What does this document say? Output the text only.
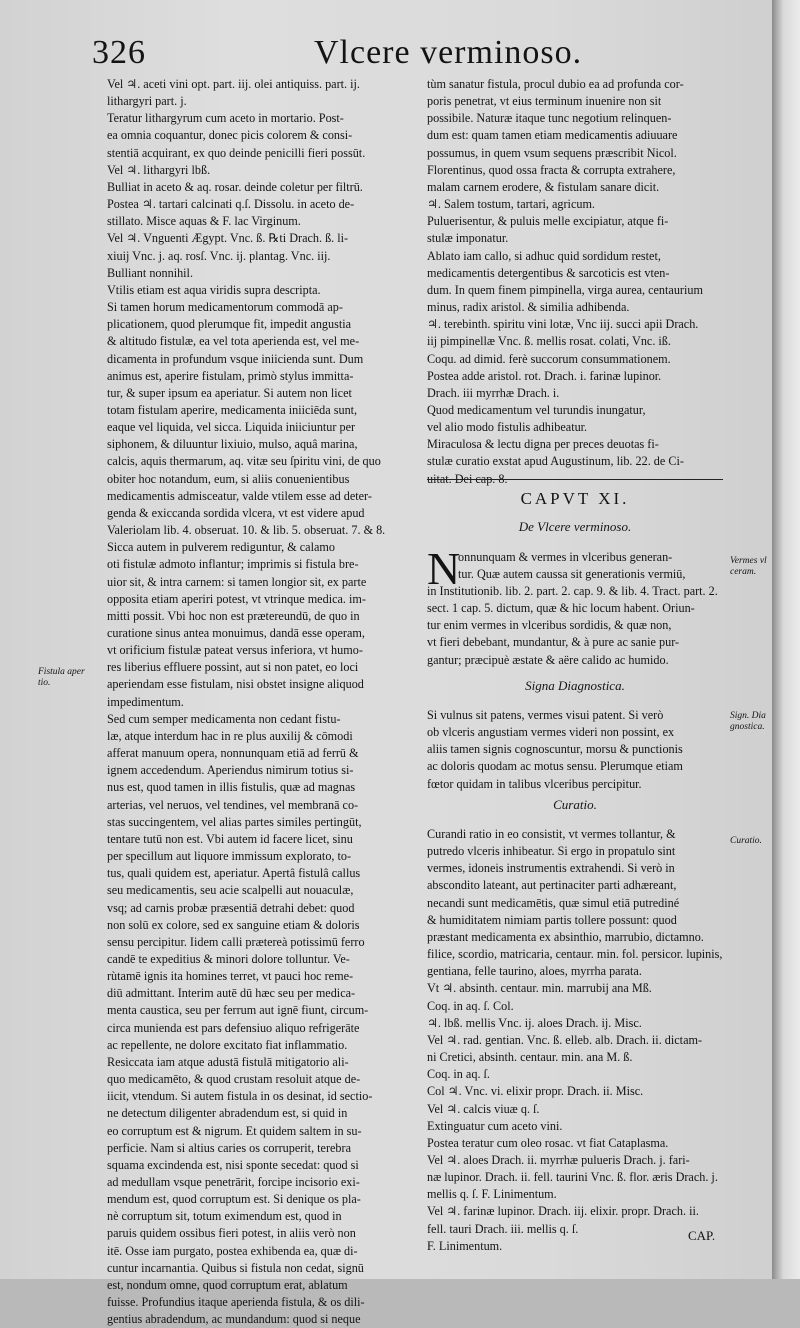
326	Vlcere verminoso.
Vel ♃. aceti vini opt. part. iij. olei antiquiss. part. ij.
lithargyri part. j.
Teratur lithargyrum cum aceto in mortario. Post-
ea omnia coquantur, donec picis colorem & consi-
stentiā acquirant, ex quo deinde penicilli fieri possūt.
Vel ♃. lithargyri lbß.
Bulliat in aceto & aq. rosar. deinde coletur per filtrū.
Postea ♃. tartari calcinati q.ſ. Dissolu. in aceto de-
stillato. Misce aquas & F. lac Virginum.
Vel ♃. Vnguenti Ægypt. Vnc. ß. ℞ti Drach. ß. li-
xiuij Vnc. j. aq. rosſ. Vnc. ij. plantag. Vnc. iij.
Bulliant nonnihil.
Vtilis etiam est aqua viridis supra descripta.
Si tamen horum medicamentorum commodā ap-
plicationem, quod plerumque fit, impedit angustia
& altitudo fistulæ, ea vel tota aperienda est, vel me-
dicamenta in profundum vsque iniicienda sunt. Dum
animus est, aperire fistulam, primò stylus immitta-
tur, & super ipsum ea aperiatur. Si autem non licet
totam fistulam aperire, medicamenta iniiciēda sunt,
eaque vel liquida, vel sicca. Liquida iniiciuntur per
siphonem, & diluuntur lixiuio, mulso, aquâ marina,
calcis, aquis thermarum, aq. vitæ seu ſpiritu vini, de quo
obiter hoc notandum, eum, si aliis conuenientibus
medicamentis admisceatur, valde vtilem esse ad deter-
genda & exiccanda sordida vlcera, vt est videre apud
Valeriolam lib. 4. obseruat. 10. & lib. 5. obseruat. 7. & 8.
Sicca autem in pulverem rediguntur, & calamo
oti fistulæ admoto inflantur; imprimis si fistula bre-
uior sit, & intra carnem: si tamen longior sit, ex parte
opposita etiam aperiri potest, vt vtrinque medica. im-
mitti possit. Vbi hoc non est prætereundū, de quo in
curatione sinus antea monuimus, dandā esse operam,
vt orificium fistulæ pateat versus inferiora, vt humo-
res liberius effluere possint, aut si non patet, eo loci
aperiendam esse fistulam, nisi obstet insigne aliquod
impedimentum.
Sed cum semper medicamenta non cedant fistu-
læ, atque interdum hac in re plus auxilij & cōmodi
afferat manuum opera, nonnunquam etiā ad ferrū &
ignem accedendum. Aperiendus nimirum totius si-
nus est, quod tamen in illis fistulis, quæ ad magnas
arterias, vel neruos, vel tendines, vel membranā co-
stas succingentem, vel alias partes similes pertingūt,
tentare tutū non est. Vbi autem id facere licet, sinu
per specillum aut liquore immissum explorato, to-
tus, quali quidem est, aperiatur. Apertâ fistulâ callus
seu medicamentis, seu acie scalpelli aut nouaculæ,
vsq; ad carnis probæ præsentiā detrahi debet: quod
non solū ex colore, sed ex sanguine etiam & doloris
sensu percipitur. Iidem calli prætereà potissimū ferro
candē te expeditius & minori dolore tolluntur. Ve-
rùtamē ignis ita homines terret, vt pauci hoc reme-
diū admittant. Interim autē dū hæc seu per medica-
menta caustica, seu per ferrum aut ignē fiunt, circum-
circa munienda est pars defensiuo aliquo refrigerāte
ac repellente, ne dolore excitato fiat inflammatio.
Resiccata iam atque adustā fistulā mitigatorio ali-
quo medicamēto, & quod crustam resoluit atque de-
iicit, vtendum. Si autem fistula in os desinat, id sectio-
ne detectum diligenter abradendum est, si quid in
eo corruptum est & nigrum. Et quidem saltem in su-
perficie. Nam si altius caries os corruperit, terebra
squama excindenda est, nisi sponte secedat: quod si
ad medullam vsque penetrārit, forcipe incisorio exi-
mendum est, quod corruptum est. Si denique os pla-
nè corruptum sit, totum eximendum est, quod in
paruis quidem ossibus fieri potest, in aliis verò non
itē. Osse iam purgato, postea exhibenda ea, quæ di-
cuntur incarnantia. Quibus si fistula non cedat, signū
est, nondum omne, quod corruptum erat, ablatum
fuisse. Profundius itaque aperienda fistula, & os dili-
gentius abradendum, ac mundandum: quod si neque
tùm sanatur fistula, procul dubio ea ad profunda cor-
poris penetrat, vt eius terminum inuenire non sit
possibile. Naturæ itaque tunc negotium relinquen-
dum est: quam tamen etiam medicamentis adiuuare
possumus, in quem vsum sequens præscribit Nicol.
Florentinus, quod ossa fracta & corrupta extrahere,
malam carnem erodere, & fistulam sanare dicit.
♃. Salem tostum, tartari, agricum.
Puluerisentur, & puluis melle excipiatur, atque fi-
stulæ imponatur.
Ablato iam callo, si adhuc quid sordidum restet,
medicamentis detergentibus & sarcoticis est vten-
dum. In quem finem pimpinella, virga aurea, centaurium
minus, radix aristol. & similia adhibenda.
♃. terebinth. spiritu vini lotæ, Vnc iij. succi apii Drach.
iij pimpinellæ Vnc. ß. mellis rosat. colati, Vnc. iß.
Coqu. ad dimid. ferè succorum consummationem.
Postea adde aristol. rot. Drach. i. farinæ lupinor.
Drach. iii myrrhæ Drach. i.
Quod medicamentum vel turundis inungatur,
vel alio modo fistulis adhibeatur.
Miraculosa & lectu digna per preces deuotas fi-
stulæ curatio exstat apud Augustinum, lib. 22. de Ci-
uitat. Dei cap. 8.
CAPVT XI.
De Vlcere verminoso.
N
onnunquam & vermes in vlceribus generan-
tur. Quæ autem caussa sit generationis vermiū,
in Institutionib. lib. 2. part. 2. cap. 9. & lib. 4. Tract. part. 2.
sect. 1 cap. 5. dictum, quæ & hic locum habent. Oriun-
tur enim vermes in vlceribus sordidis, & quæ non,
vt fieri debebant, mundantur, & à pure ac sanie pur-
gantur; præcipuè æstate & aëre calido ac humido.
Signa Diagnostica.
Si vulnus sit patens, vermes visui patent. Si verò
ob vlceris angustiam vermes videri non possint, ex
aliis tamen signis cognoscuntur, morsu & punctionis
ac doloris quodam ac motus sensu. Plerumque etiam
fœtor quidam in talibus vlceribus percipitur.
Curatio.
Curandi ratio in eo consistit, vt vermes tollantur, &
putredo vlceris inhibeatur. Si ergo in propatulo sint
vermes, idoneis instrumentis extrahendi. Si verò in
abscondito lateant, aut pertinaciter parti adhæreant,
necandi sunt medicamētis, quæ simul etiā putrediné
& humiditatem nimiam partis tollere possunt: quod
præstant medicamenta ex absinthio, marrubio, dictamno.
filice, scordio, matricaria, centaur. min. fol. persicor. lupinis,
gentiana, felle taurino, aloes, myrrha parata.
Vt ♃. absinth. centaur. min. marrubij ana Mß.
Coq. in aq. ſ. Col.
♃. lbß. mellis Vnc. ij. aloes Drach. ij. Misc.
Vel ♃. rad. gentian. Vnc. ß. elleb. alb. Drach. ii. dictam-
ni Cretici, absinth. centaur. min. ana M. ß.
Coq. in aq. ſ.
Col ♃. Vnc. vi. elixir propr. Drach. ii. Misc.
Vel ♃. calcis viuæ q. ſ.
Extinguatur cum aceto vini.
Postea teratur cum oleo rosac. vt fiat Cataplasma.
Vel ♃. aloes Drach. ii. myrrhæ pulueris Drach. j. fari-
næ lupinor. Drach. ii. fell. taurini Vnc. ß. flor. æris Drach. j.
mellis q. ſ. F. Linimentum.
Vel ♃. farinæ lupinor. Drach. iij. elixir. propr. Drach. ii.
fell. tauri Drach. iii. mellis q. ſ.
F. Linimentum.
Fistula aper tio.
Vermes vl ceram.
Sign. Dia gnostica.
Curatio.
CAP.
